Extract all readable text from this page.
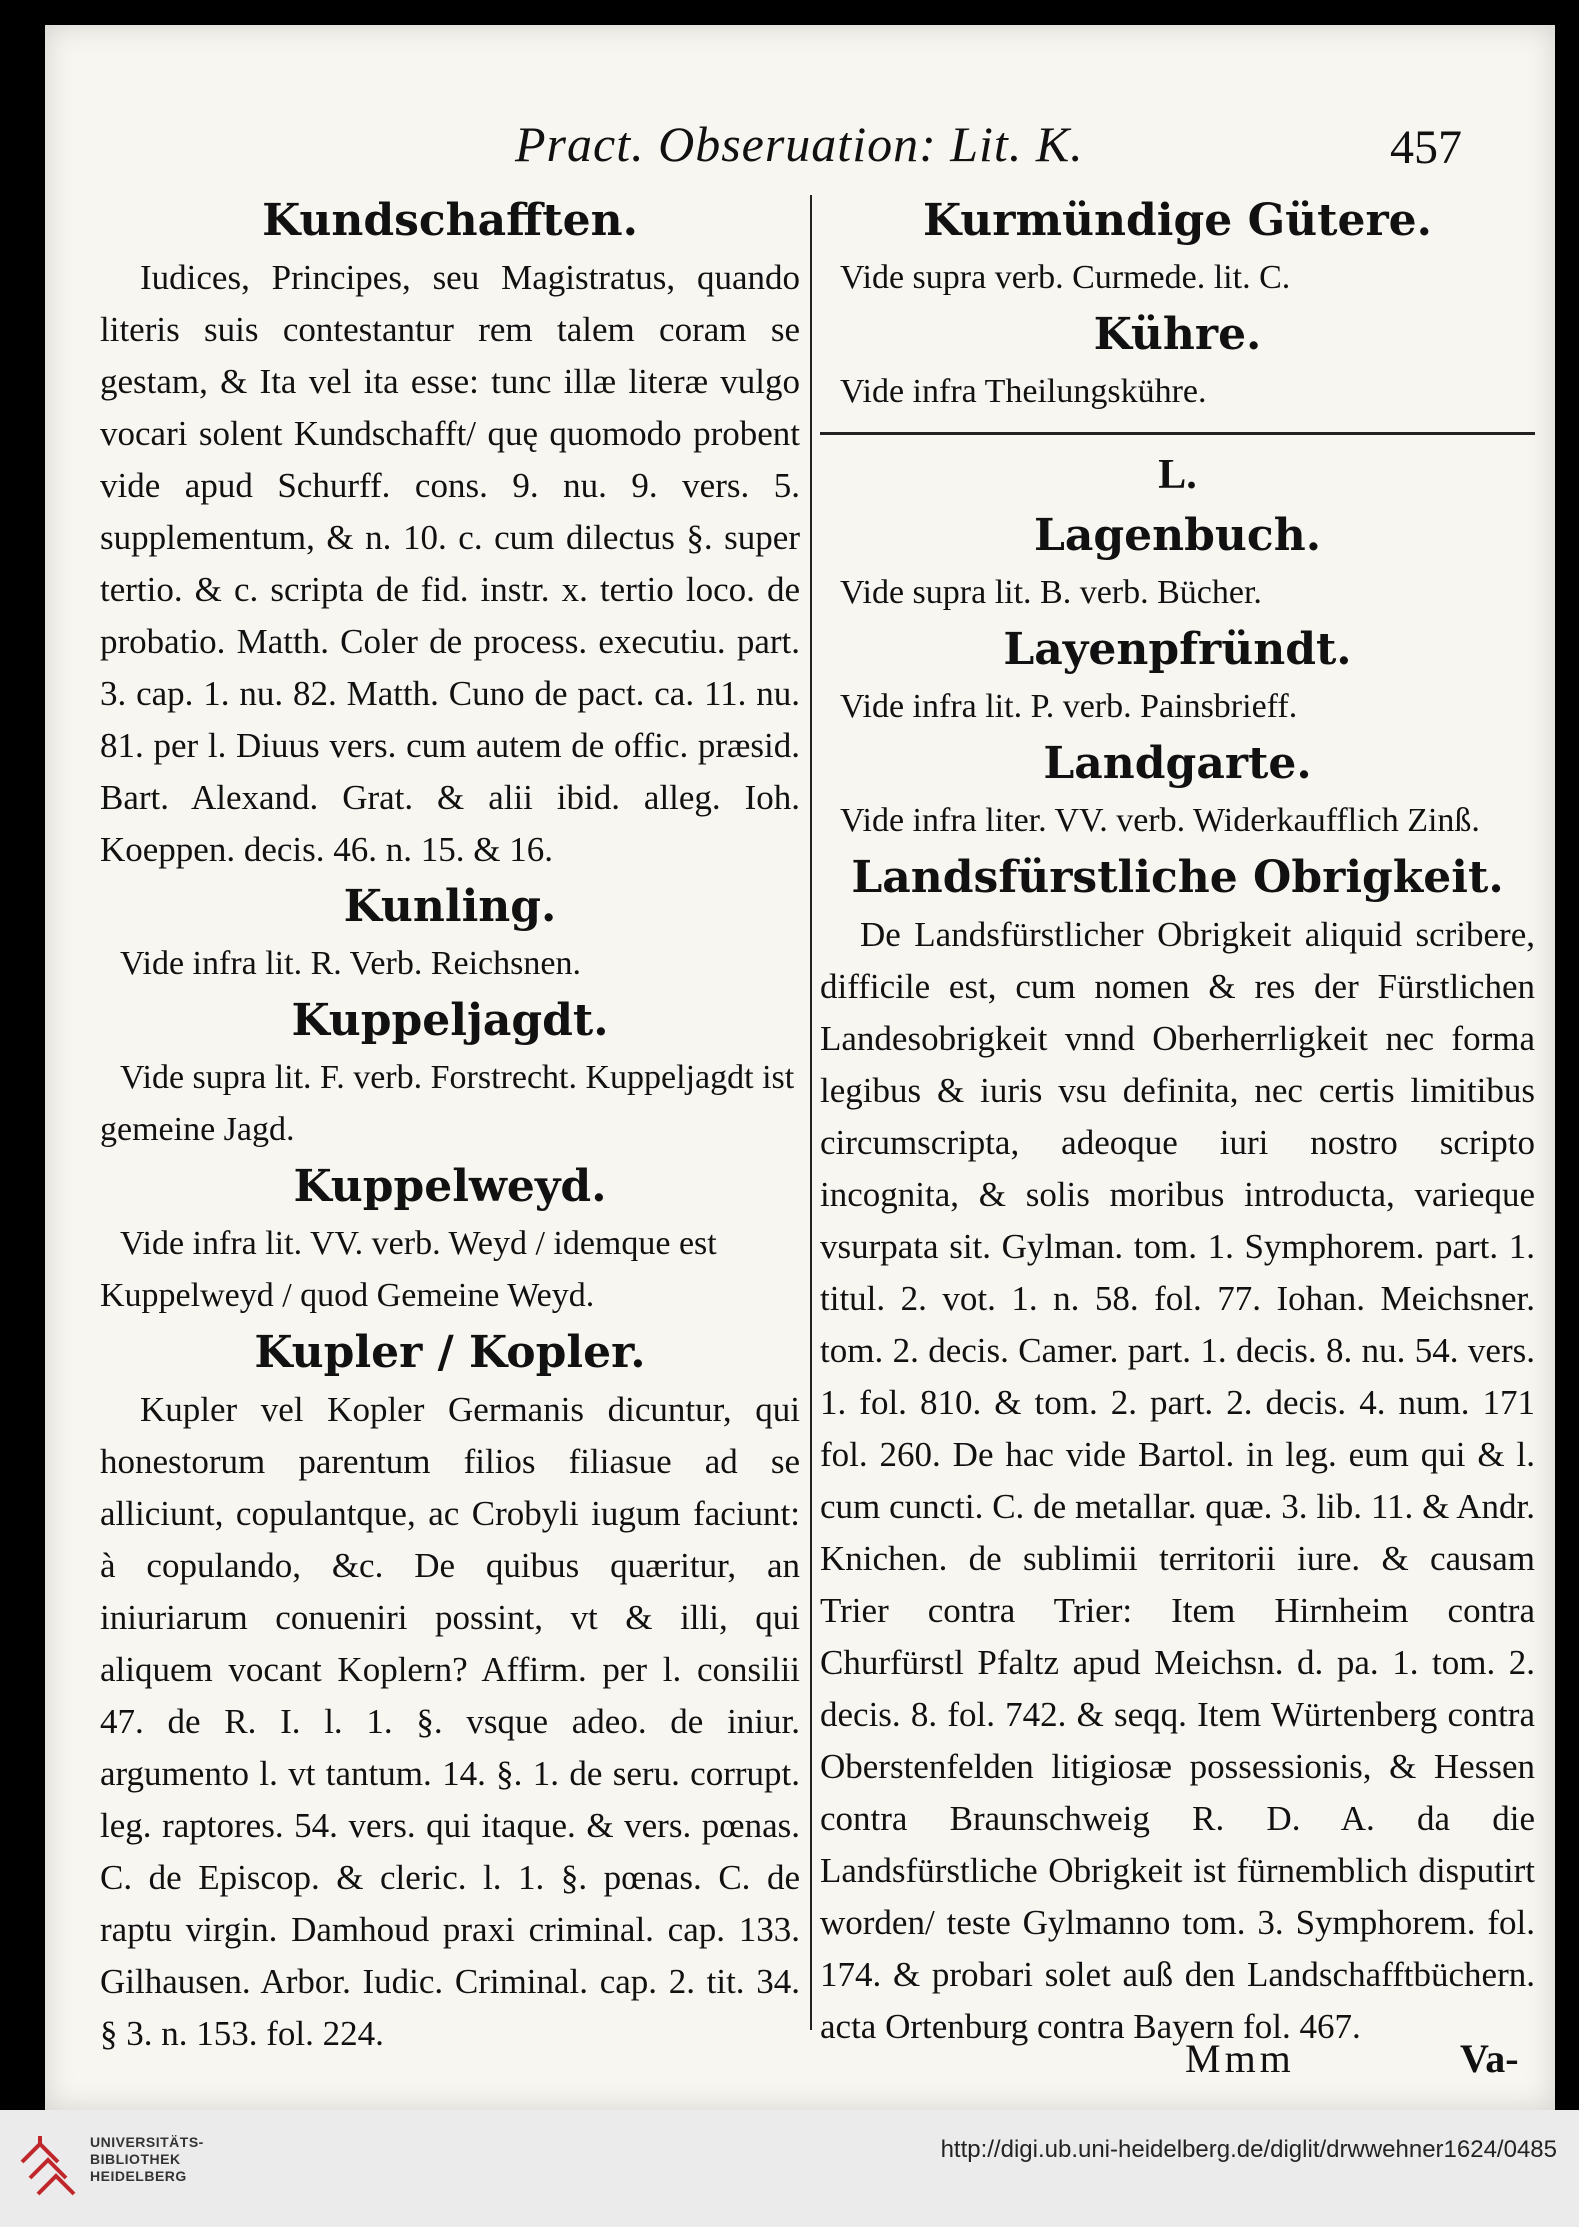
Pract. Obseruation: Lit. K.	457
Kundschafften.
Iudices, Principes, seu Magistratus, quando literis suis contestantur rem talem coram se gestam, & Ita vel ita esse: tunc illæ literæ vulgo vocari solent Kundschafft/ quę quomodo probent vide apud Schurff. cons. 9. nu. 9. vers. 5. supplementum, & n. 10. c. cum dilectus §. super tertio. & c. scripta de fid. instr. x. tertio loco. de probatio. Matth. Coler de process. executiu. part. 3. cap. 1. nu. 82. Matth. Cuno de pact. ca. 11. nu. 81. per l. Diuus vers. cum autem de offic. præsid. Bart. Alexand. Grat. & alii ibid. alleg. Ioh. Koeppen. decis. 46. n. 15. & 16.
Kunling.
Vide infra lit. R. Verb. Reichsnen.
Kuppeljagdt.
Vide supra lit. F. verb. Forstrecht. Kuppeljagdt ist gemeine Jagd.
Kuppelweyd.
Vide infra lit. VV. verb. Weyd / idemque est Kuppelweyd / quod Gemeine Weyd.
Kupler / Kopler.
Kupler vel Kopler Germanis dicuntur, qui honestorum parentum filios filiasue ad se alliciunt, copulantque, ac Crobyli iugum faciunt: à copulando, &c. De quibus quæritur, an iniuriarum conueniri possint, vt & illi, qui aliquem vocant Koplern? Affirm. per l. consilii 47. de R. I. l. 1. §. vsque adeo. de iniur. argumento l. vt tantum. 14. §. 1. de seru. corrupt. leg. raptores. 54. vers. qui itaque. & vers. pœnas. C. de Episcop. & cleric. l. 1. §. pœnas. C. de raptu virgin. Damhoud praxi criminal. cap. 133. Gilhausen. Arbor. Iudic. Criminal. cap. 2. tit. 34. § 3. n. 153. fol. 224.
Kurmündige Gütere.
Vide supra verb. Curmede. lit. C.
Kühre.
Vide infra Theilungskühre.
L.
Lagenbuch.
Vide supra lit. B. verb. Bücher.
Layenpfründt.
Vide infra lit. P. verb. Painsbrieff.
Landgarte.
Vide infra liter. VV. verb. Widerkaufflich Zinß.
Landsfürstliche Obrigkeit.
De Landsfürstlicher Obrigkeit aliquid scribere, difficile est, cum nomen & res der Fürstlichen Landesobrigkeit vnnd Oberherrligkeit nec forma legibus & iuris vsu definita, nec certis limitibus circumscripta, adeoque iuri nostro scripto incognita, & solis moribus introducta, varieque vsurpata sit. Gylman. tom. 1. Symphorem. part. 1. titul. 2. vot. 1. n. 58. fol. 77. Iohan. Meichsner. tom. 2. decis. Camer. part. 1. decis. 8. nu. 54. vers. 1. fol. 810. & tom. 2. part. 2. decis. 4. num. 171 fol. 260. De hac vide Bartol. in leg. eum qui & l. cum cuncti. C. de metallar. quæ. 3. lib. 11. & Andr. Knichen. de sublimii territorii iure. & causam Trier contra Trier: Item Hirnheim contra Churfürstl Pfaltz apud Meichsn. d. pa. 1. tom. 2. decis. 8. fol. 742. & seqq. Item Würtenberg contra Oberstenfelden litigiosæ possessionis, & Hessen contra Braunschweig R. D. A. da die Landsfürstliche Obrigkeit ist fürnemblich disputirt worden/ teste Gylmanno tom. 3. Symphorem. fol. 174. & probari solet auß den Landschafftbüchern. acta Ortenburg contra Bayern fol. 467.
Mmm	Va-
UNIVERSITÄTS-
BIBLIOTHEK
HEIDELBERG
http://digi.ub.uni-heidelberg.de/diglit/drwwehner1624/0485
